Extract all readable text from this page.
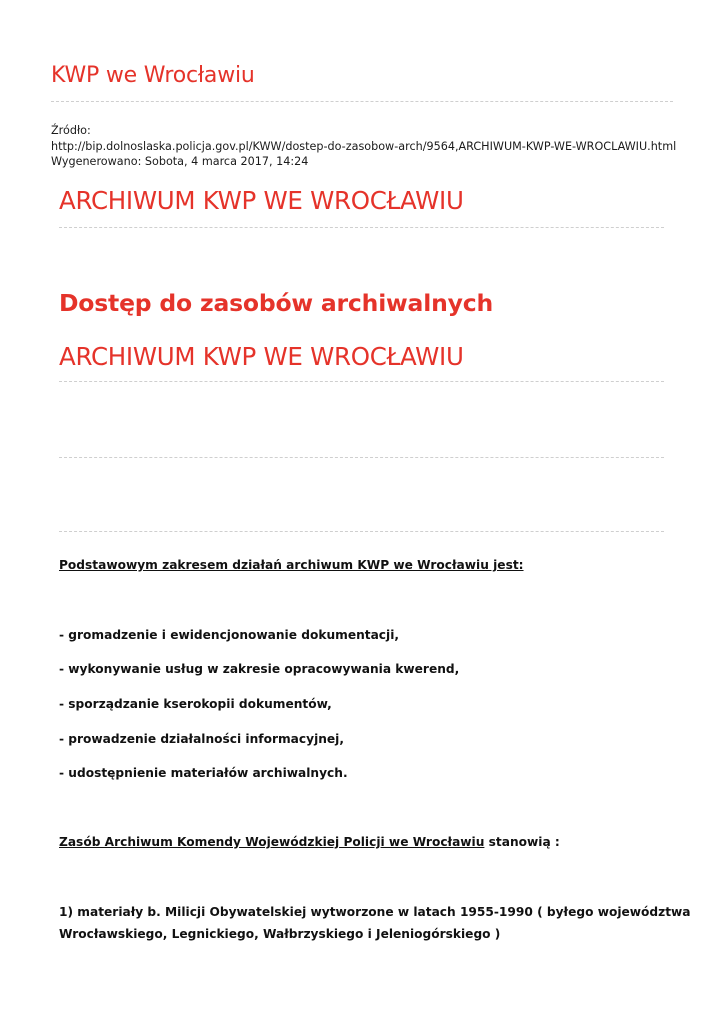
KWP we Wrocławiu
Źródło:
http://bip.dolnoslaska.policja.gov.pl/KWW/dostep-do-zasobow-arch/9564,ARCHIWUM-KWP-WE-WROCLAWIU.html
Wygenerowano: Sobota, 4 marca 2017, 14:24
ARCHIWUM KWP WE WROCŁAWIU
Dostęp do zasobów archiwalnych
ARCHIWUM KWP WE WROCŁAWIU
Podstawowym zakresem działań archiwum KWP we Wrocławiu jest:
- gromadzenie i ewidencjonowanie dokumentacji,
- wykonywanie usług w zakresie opracowywania kwerend,
- sporządzanie kserokopii dokumentów,
- prowadzenie działalności informacyjnej,
- udostępnienie materiałów archiwalnych.
Zasób Archiwum Komendy Wojewódzkiej Policji we Wrocławiu stanowią :
1) materiały b. Milicji Obywatelskiej wytworzone w latach 1955-1990 ( byłego województwa
Wrocławskiego, Legnickiego, Wałbrzyskiego i Jeleniogórskiego )
